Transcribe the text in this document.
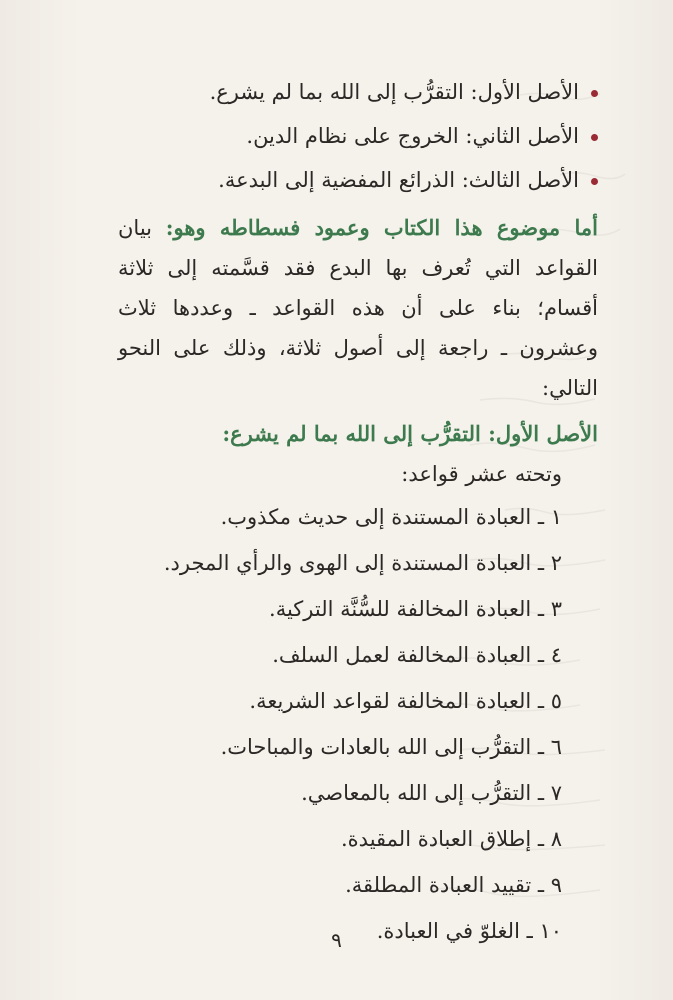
الأصل الأول: التقرُّب إلى الله بما لم يشرع.
الأصل الثاني: الخروج على نظام الدين.
الأصل الثالث: الذرائع المفضية إلى البدعة.
أما موضوع هذا الكتاب وعمود فسطاطه وهو: بيان القواعد التي تُعرف بها البدع فقد قسَّمته إلى ثلاثة أقسام؛ بناء على أن هذه القواعد ـ وعددها ثلاث وعشرون ـ راجعة إلى أصول ثلاثة، وذلك على النحو التالي:
الأصل الأول: التقرُّب إلى الله بما لم يشرع:
وتحته عشر قواعد:
١ ـ العبادة المستندة إلى حديث مكذوب.
٢ ـ العبادة المستندة إلى الهوى والرأي المجرد.
٣ ـ العبادة المخالفة للسُّنَّة التركية.
٤ ـ العبادة المخالفة لعمل السلف.
٥ ـ العبادة المخالفة لقواعد الشريعة.
٦ ـ التقرُّب إلى الله بالعادات والمباحات.
٧ ـ التقرُّب إلى الله بالمعاصي.
٨ ـ إطلاق العبادة المقيدة.
٩ ـ تقييد العبادة المطلقة.
١٠ ـ الغلوّ في العبادة.
٩
